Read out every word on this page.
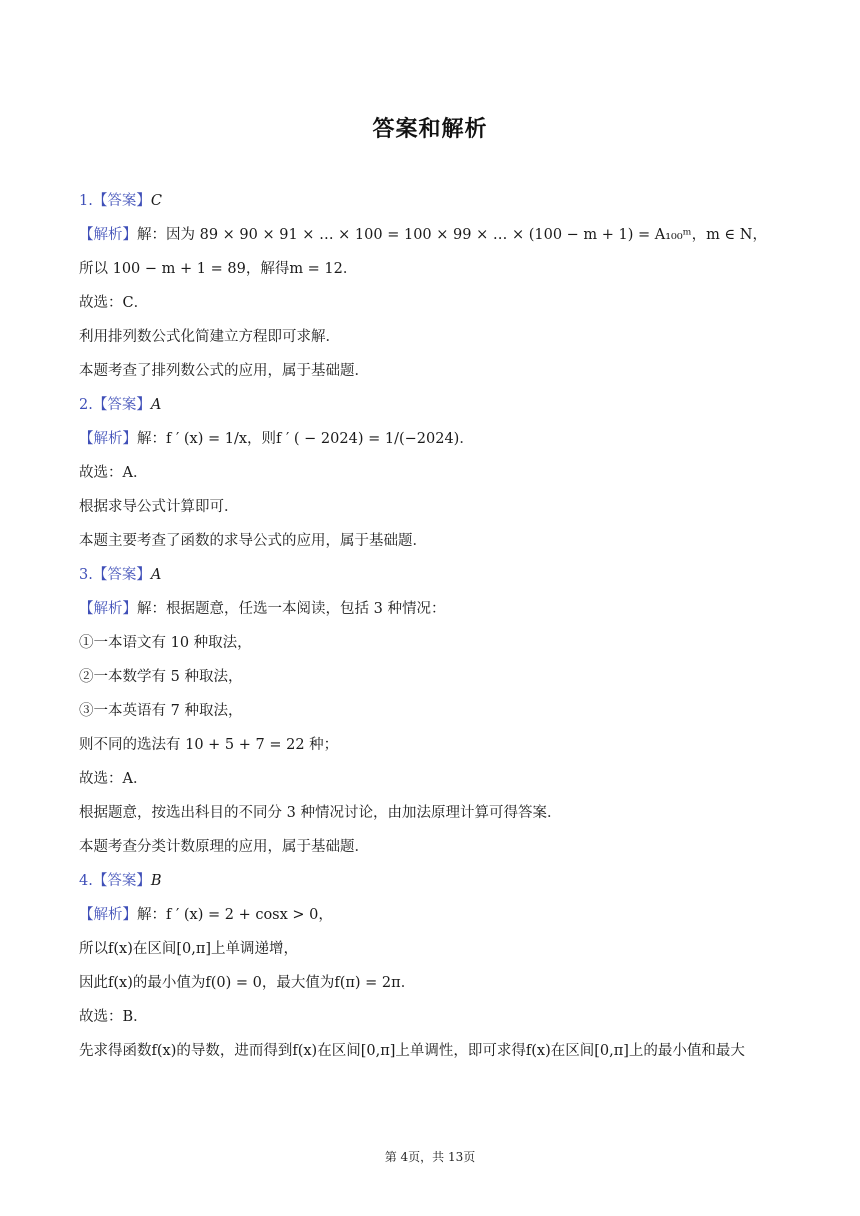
答案和解析
1.【答案】C
【解析】解：因为 89 × 90 × 91 × … × 100 = 100 × 99 × … × (100 − m + 1) = A₁₀₀ᵐ，m ∈ N，
所以 100 − m + 1 = 89，解得m = 12．
故选：C．
利用排列数公式化简建立方程即可求解．
本题考查了排列数公式的应用，属于基础题．
2.【答案】A
【解析】解：f ′ (x) = 1/x，则f ′ ( − 2024) = 1/(−2024)．
故选：A．
根据求导公式计算即可．
本题主要考查了函数的求导公式的应用，属于基础题．
3.【答案】A
【解析】解：根据题意，任选一本阅读，包括 3 种情况：
①一本语文有 10 种取法，
②一本数学有 5 种取法，
③一本英语有 7 种取法，
则不同的选法有 10 + 5 + 7 = 22 种；
故选：A．
根据题意，按选出科目的不同分 3 种情况讨论，由加法原理计算可得答案．
本题考查分类计数原理的应用，属于基础题．
4.【答案】B
【解析】解：f ′ (x) = 2 + cosx > 0，
所以f(x)在区间[0,π]上单调递增，
因此f(x)的最小值为f(0) = 0，最大值为f(π) = 2π．
故选：B．
先求得函数f(x)的导数，进而得到f(x)在区间[0,π]上单调性，即可求得f(x)在区间[0,π]上的最小值和最大
第 4页，共 13页
